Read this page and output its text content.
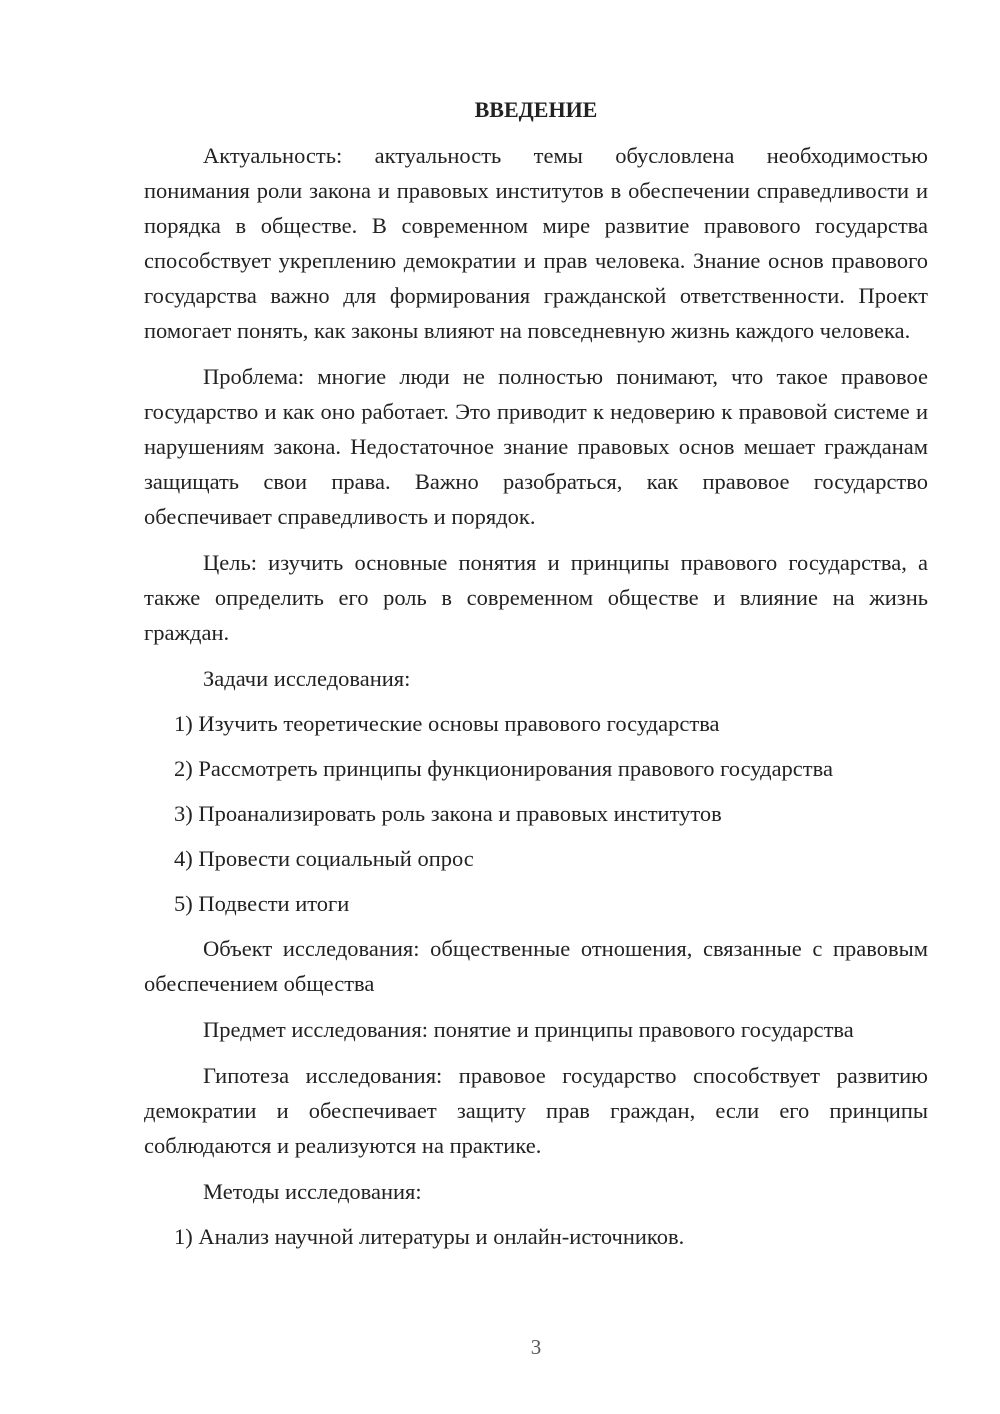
ВВЕДЕНИЕ

Актуальность: актуальность темы обусловлена необходимостью понимания роли закона и правовых институтов в обеспечении справедливости и порядка в обществе. В современном мире развитие правового государства способствует укреплению демократии и прав человека. Знание основ правового государства важно для формирования гражданской ответственности. Проект помогает понять, как законы влияют на повседневную жизнь каждого человека.

Проблема: многие люди не полностью понимают, что такое правовое государство и как оно работает. Это приводит к недоверию к правовой системе и нарушениям закона. Недостаточное знание правовых основ мешает гражданам защищать свои права. Важно разобраться, как правовое государство обеспечивает справедливость и порядок.

Цель: изучить основные понятия и принципы правового государства, а также определить его роль в современном обществе и влияние на жизнь граждан.

Задачи исследования:

1) Изучить теоретические основы правового государства
2) Рассмотреть принципы функционирования правового государства
3) Проанализировать роль закона и правовых институтов
4) Провести социальный опрос
5) Подвести итоги

Объект исследования: общественные отношения, связанные с правовым обеспечением общества

Предмет исследования: понятие и принципы правового государства

Гипотеза исследования: правовое государство способствует развитию демократии и обеспечивает защиту прав граждан, если его принципы соблюдаются и реализуются на практике.

Методы исследования:

1) Анализ научной литературы и онлайн-источников.
3
